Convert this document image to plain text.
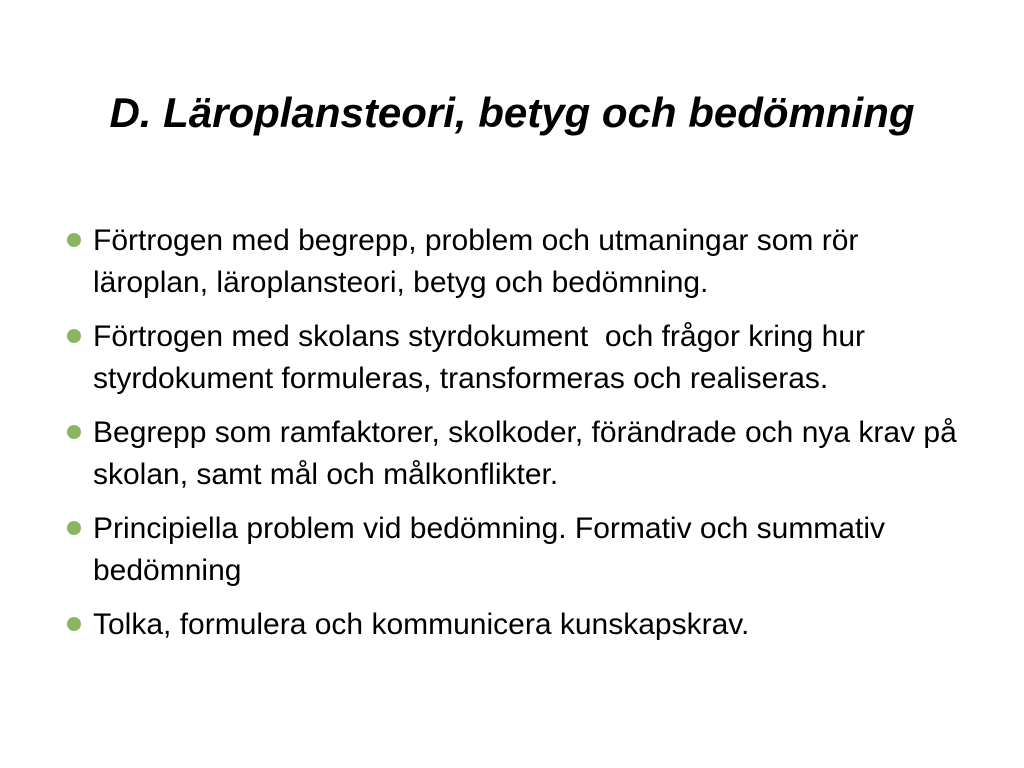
D. Läroplansteori, betyg och bedömning
Förtrogen med begrepp, problem och utmaningar som rör läroplan, läroplansteori, betyg och bedömning.
Förtrogen med skolans styrdokument  och frågor kring hur styrdokument formuleras, transformeras och realiseras.
Begrepp som ramfaktorer, skolkoder, förändrade och nya krav på skolan, samt mål och målkonflikter.
Principiella problem vid bedömning. Formativ och summativ bedömning
Tolka, formulera och kommunicera kunskapskrav.
